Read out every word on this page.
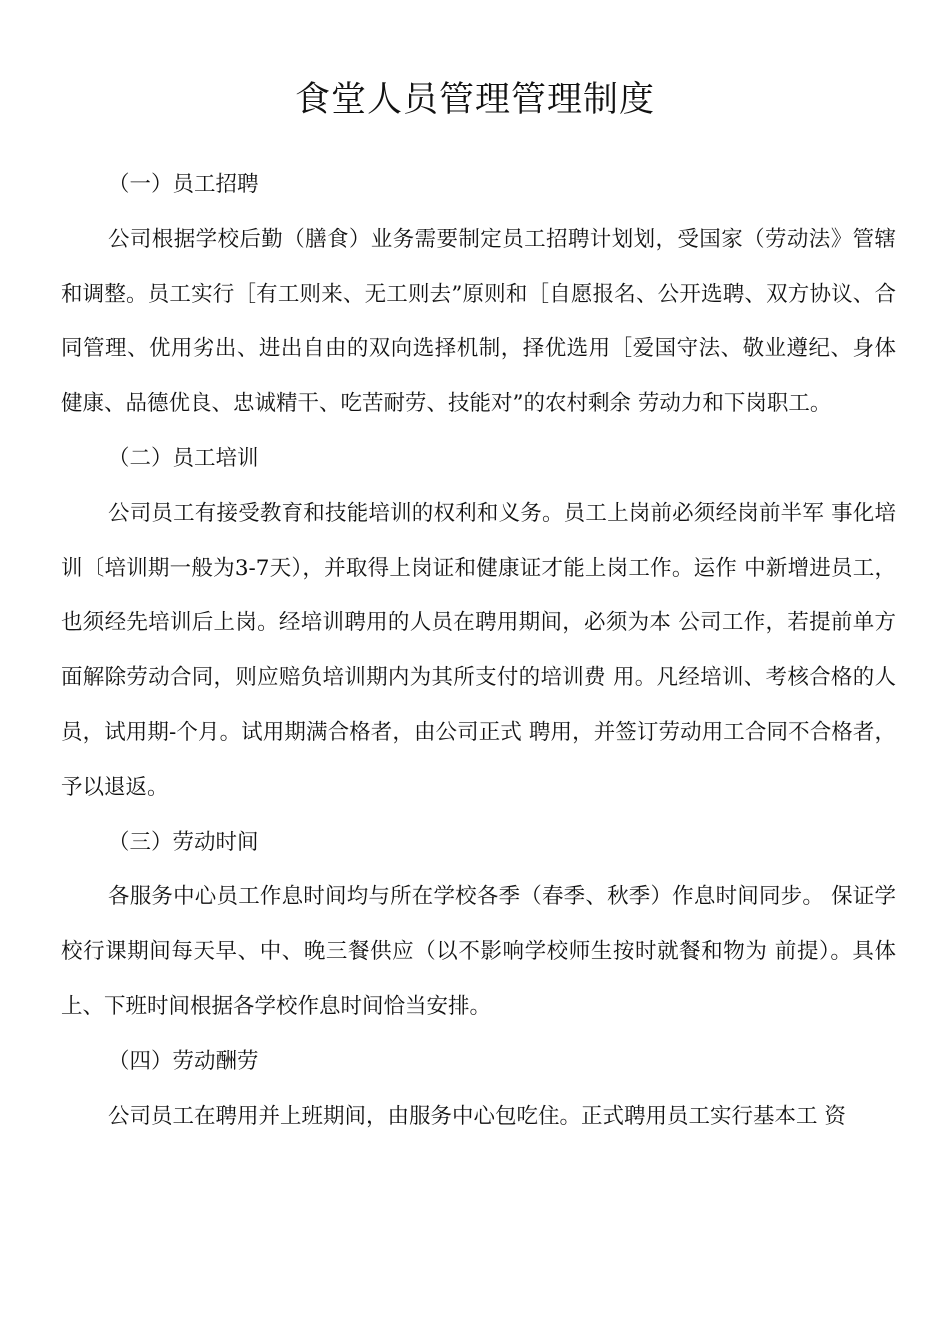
食堂人员管理管理制度

（一）员工招聘

公司根据学校后勤（膳食）业务需要制定员工招聘计划划，受国家（劳动法》管辖和调整。员工实行［有工则来、无工则去”原则和［自愿报名、公开选聘、双方协议、合同管理、优用劣出、进出自由的双向选择机制，择优选用［爱国守法、敬业遵纪、身体健康、品德优良、忠诚精干、吃苦耐劳、技能对”的农村剩余 劳动力和下岗职工。

（二）员工培训

公司员工有接受教育和技能培训的权利和义务。员工上岗前必须经岗前半军 事化培训〔培训期一般为3-7天），并取得上岗证和健康证才能上岗工作。运作 中新增进员工，也须经先培训后上岗。经培训聘用的人员在聘用期间，必须为本 公司工作，若提前单方面解除劳动合同，则应赔负培训期内为其所支付的培训费 用。凡经培训、考核合格的人员，试用期-个月。试用期满合格者，由公司正式 聘用，并签订劳动用工合同不合格者，予以退返。

（三）劳动时间

各服务中心员工作息时间均与所在学校各季（春季、秋季）作息时间同步。 保证学校行课期间每天早、中、晚三餐供应（以不影响学校师生按时就餐和物为 前提）。具体上、下班时间根据各学校作息时间恰当安排。

（四）劳动酬劳

公司员工在聘用并上班期间，由服务中心包吃住。正式聘用员工实行基本工 资
